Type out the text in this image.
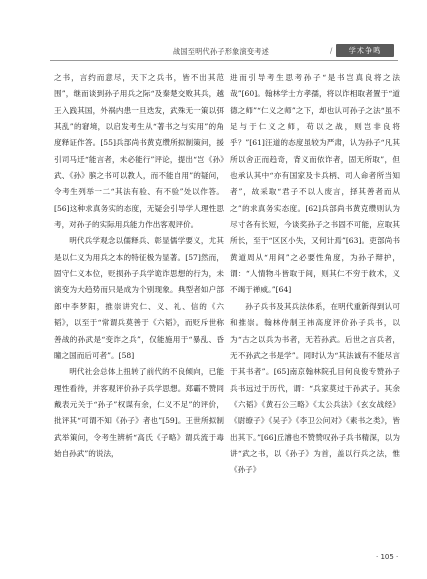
战国至明代孙子形象演变考述	/	学术争鸣

之书，言约而意尽，天下之兵书，皆不出其范围”，继而谈到孙子用兵之际“及秦楚交败其兵，越王入践其国，外祸内患一旦迭发，武殊无一策以弭其乱”的窘境，以启发考生从“著书之与实用”的角度释证作答。[55]兵部尚书黄克缵所拟制策问，援引司马迁“能言者，未必能行”评论，提出“岂《孙》武、《孙》膑之书可以教人，而不能自用”的疑问，令考生列举一二“其法有验、有不验”处以作答。[56]这种求真务实的态度，无疑会引导学人理性思考，对孙子的实际用兵能力作出客观评价。

明代兵学观念以儒释兵、彰显儒学要义，尤其是以仁义为用兵之本的特征极为显著。[57]然而，固守仁义本位，贬损孙子兵学诡诈思想的行为，未演变为大趋势而只是成为个别现象。典型者如户部郎中李梦阳，推崇讲究仁、义、礼、信的《六韬》，以至于“常谓兵莫善于《六韬》，而贬斥世称善战的孙武是“变诈之兵”，仅能施用于“暴乱、昏瞳之国而后可者”。[58]

明代社会总体上扭转了前代的不良倾向，已能理性看待，并客观评价孙子兵学思想。郑霸不赞同戴表元关于“孙子”权谋有余，仁义不足”的评价，批评其“可谓不知《孙子》者也”[59]。王世所拟制武举策问，令考生辨析“高氏《子略》谓兵流于毒始自孙武”的说法，

进而引导考生思考孙子“是书岂真良将之法哉”[60]。翰林学士方孝孺，将以诈相取者置于“道德之师”“仁义之师”之下，却也认可孙子之法“虽不足与于仁义之师，苟以之战，则岂非良将乎？”[61]汪道的态度虽较为严肃，认为孙子“凡其所以舍正而趋奇，背义而依诈者，固无所取”，但也承认其中“亦有国家及卡兵柄、司人命者所当知者”，故采取“君子不以人废言，择其善者而从之”的求真务实态度。[62]兵部尚书黄克缵则认为尽寸各有长短，今谈奖孙子之书固不可能，应取其所长，至于“区区小失，又何计焉”[63]。吏部尚书黄道周从“用间”之必要性角度，为孙子辩护，谓：“人情物斗皆取于间，则其仁不穷于救术，义不竭于禅威。”[64]

孙子兵书及其兵法体系，在明代重新得到认可和推崇。翰林侍制王祎高度评价孙子兵书，以为“古之以兵为书者，无若孙武。后世之言兵者，无不孙武之书是学”。同时认为“其法诚有不能尽言于其书者”。[65]南京翰林院孔目何良俊专赞孙子兵书远过于历代，谓：“兵家莫过于孙武子。其余《六韬》《黄石公三略》《太公兵法》《玄女战经》《尉缭子》《吴子》《李卫公问对》《素书之类》，皆出其下。”[66]丘濬也不赞赞叹孙子兵书精深，以为讲“武之书，以《孙子》为首，盖以行兵之法，惟《孙子》

· 105 ·
